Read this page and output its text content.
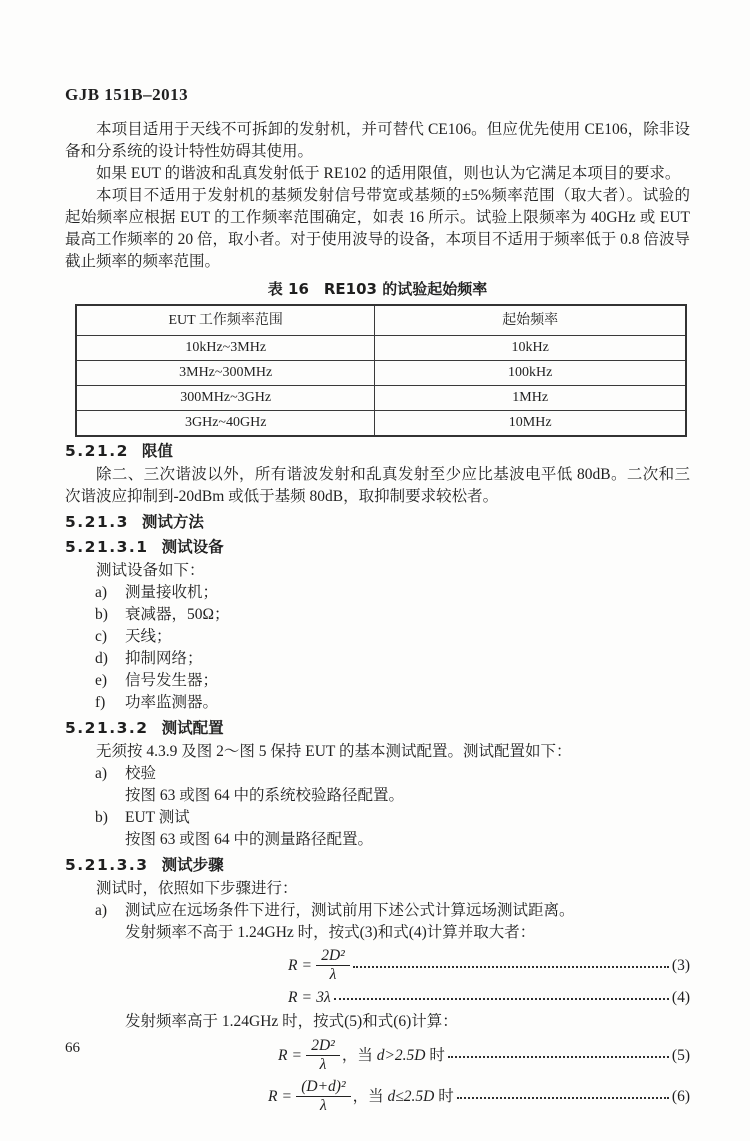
GJB 151B–2013

本项目适用于天线不可拆卸的发射机，并可替代 CE106。但应优先使用 CE106，除非设备和分系统的设计特性妨碍其使用。

如果 EUT 的谐波和乱真发射低于 RE102 的适用限值，则也认为它满足本项目的要求。

本项目不适用于发射机的基频发射信号带宽或基频的±5%频率范围（取大者）。试验的起始频率应根据 EUT 的工作频率范围确定，如表 16 所示。试验上限频率为 40GHz 或 EUT 最高工作频率的 20 倍，取小者。对于使用波导的设备，本项目不适用于频率低于 0.8 倍波导截止频率的频率范围。

表 16　RE103 的试验起始频率
EUT 工作频率范围	起始频率
10kHz~3MHz	10kHz
3MHz~300MHz	100kHz
300MHz~3GHz	1MHz
3GHz~40GHz	10MHz
5.21.2 限值

除二、三次谐波以外，所有谐波发射和乱真发射至少应比基波电平低 80dB。二次和三次谐波应抑制到-20dBm 或低于基频 80dB，取抑制要求较松者。

5.21.3 测试方法
5.21.3.1 测试设备

测试设备如下：

a)	测量接收机；
b)	衰减器，50Ω；
c)	天线；
d)	抑制网络；
e)	信号发生器；
f)	功率监测器。
5.21.3.2 测试配置

无须按 4.3.9 及图 2～图 5 保持 EUT 的基本测试配置。测试配置如下：

a)	校验
按图 63 或图 64 中的系统校验路径配置。
b)	EUT 测试
按图 63 或图 64 中的测量路径配置。
5.21.3.3 测试步骤

测试时，依照如下步骤进行：

a)	测试应在远场条件下进行，测试前用下述公式计算远场测试距离。
发射频率不高于 1.24GHz 时，按式(3)和式(4)计算并取大者：
$R = \frac{\text{2D²}}{\lambda}$	(3)
R = 3λ	(4)
发射频率高于 1.24GHz 时，按式(5)和式(6)计算：
$R = \frac{\text{2D²}}{\lambda}$ ，当 d>2.5D 时	(5)
$R = \frac{\text{(D+d)²}}{\lambda}$ ，当 d≤2.5D 时	(6)
66
